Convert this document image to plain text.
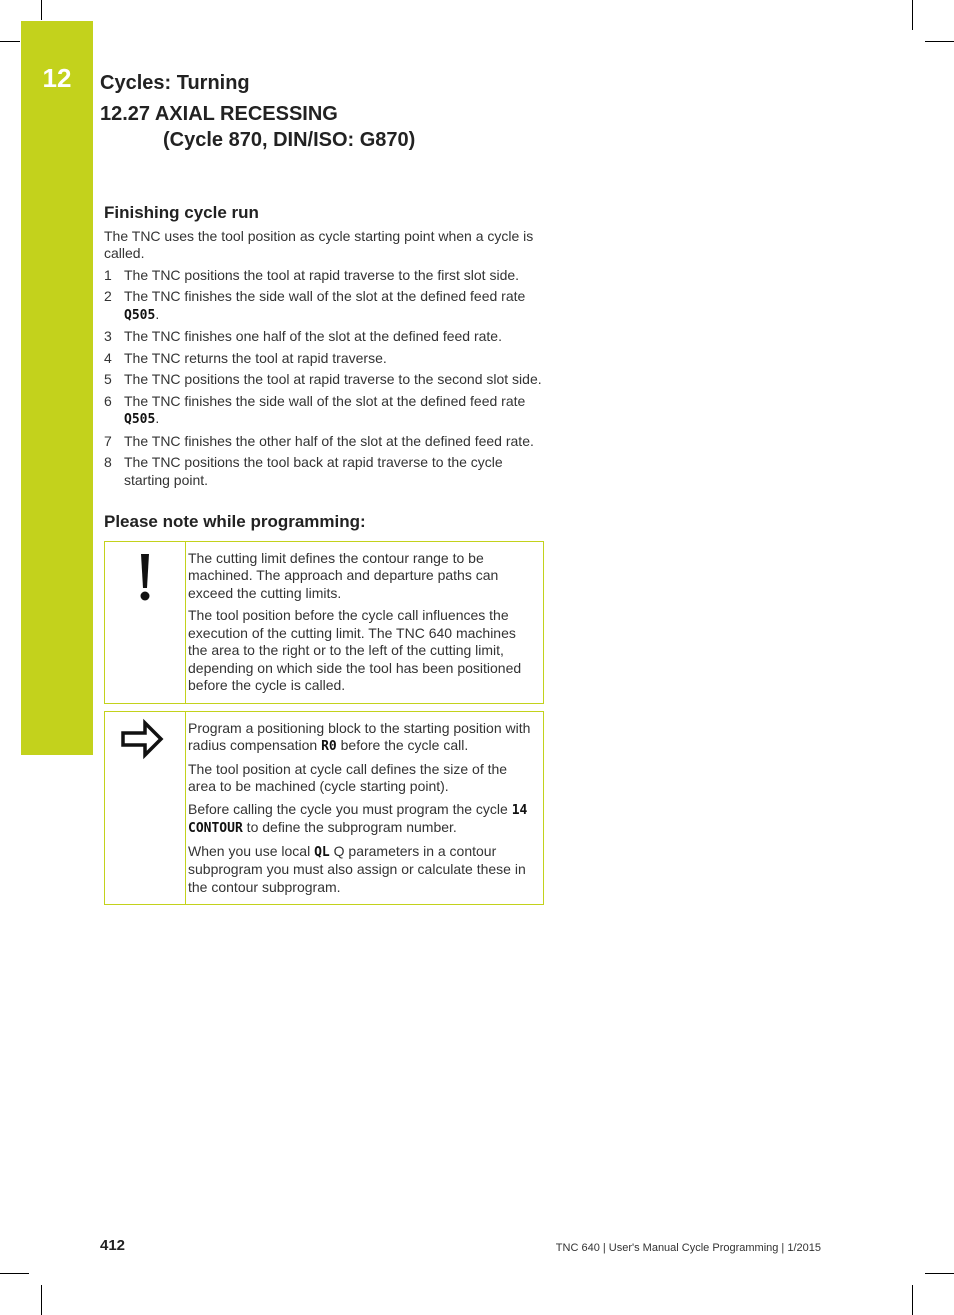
12	Cycles: Turning
12.27 AXIAL RECESSING
(Cycle 870, DIN/ISO: G870)
Finishing cycle run

The TNC uses the tool position as cycle starting point when a cycle is called.

1 The TNC positions the tool at rapid traverse to the first slot side.
2 The TNC finishes the side wall of the slot at the defined feed rate Q505.
3 The TNC finishes one half of the slot at the defined feed rate.
4 The TNC returns the tool at rapid traverse.
5 The TNC positions the tool at rapid traverse to the second slot side.
6 The TNC finishes the side wall of the slot at the defined feed rate Q505.
7 The TNC finishes the other half of the slot at the defined feed rate.
8 The TNC positions the tool back at rapid traverse to the cycle starting point.
Please note while programming:

The cutting limit defines the contour range to be machined. The approach and departure paths can exceed the cutting limits.

The tool position before the cycle call influences the execution of the cutting limit. The TNC 640 machines the area to the right or to the left of the cutting limit, depending on which side the tool has been positioned before the cycle is called.

Program a positioning block to the starting position with radius compensation R0 before the cycle call.

The tool position at cycle call defines the size of the area to be machined (cycle starting point).

Before calling the cycle you must program the cycle 14 CONTOUR to define the subprogram number.

When you use local QL Q parameters in a contour subprogram you must also assign or calculate these in the contour subprogram.

412	TNC 640 | User's Manual Cycle Programming | 1/2015
